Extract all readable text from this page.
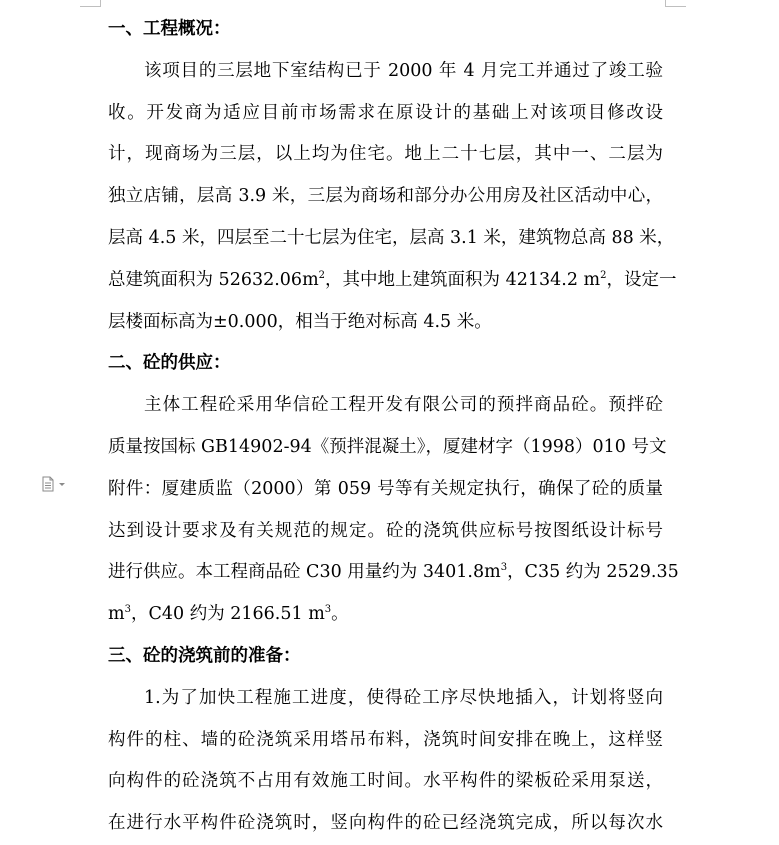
一、工程概况：
该项目的三层地下室结构已于 2000 年 4 月完工并通过了竣工验
收。开发商为适应目前市场需求在原设计的基础上对该项目修改设
计，现商场为三层，以上均为住宅。地上二十七层，其中一、二层为
独立店铺，层高 3.9 米，三层为商场和部分办公用房及社区活动中心，
层高 4.5 米，四层至二十七层为住宅，层高 3.1 米，建筑物总高 88 米，
总建筑面积为 $52632.06m^2$，其中地上建筑面积为 42134.2 $m^2$，设定一
层楼面标高为±0.000，相当于绝对标高 4.5 米。
二、砼的供应：
主体工程砼采用华信砼工程开发有限公司的预拌商品砼。预拌砼
质量按国标 GB14902-94《预拌混凝土》，厦建材字（1998）010 号文
附件：厦建质监（2000）第 059 号等有关规定执行，确保了砼的质量
达到设计要求及有关规范的规定。砼的浇筑供应标号按图纸设计标号
进行供应。本工程商品砼 C30 用量约为 $3401.8m^3$，C35 约为 2529.35
$m^3$，C40 约为 2166.51 $m^3$。
三、砼的浇筑前的准备：
1.为了加快工程施工进度，使得砼工序尽快地插入，计划将竖向
构件的柱、墙的砼浇筑采用塔吊布料，浇筑时间安排在晚上，这样竖
向构件的砼浇筑不占用有效施工时间。水平构件的梁板砼采用泵送，
在进行水平构件砼浇筑时，竖向构件的砼已经浇筑完成，所以每次水
